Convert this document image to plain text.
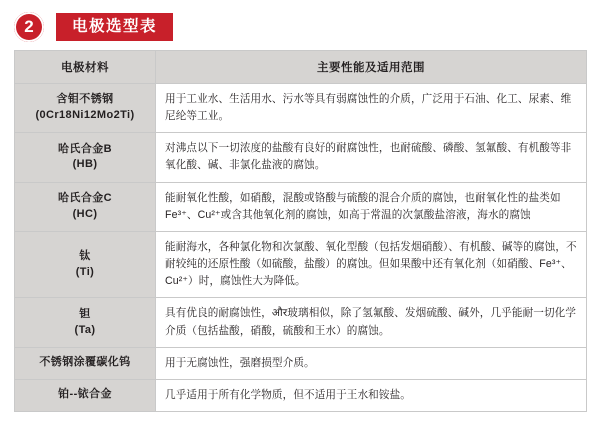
2	电极选型表
电极材料	主要性能及适用范围

含钼不锈钢
(0Cr18Ni12Mo2Ti)	用于工业水、生活用水、污水等具有弱腐蚀性的介质，广泛用于石油、化工、尿素、维尼纶等工业。

哈氏合金B
(HB)	对沸点以下一切浓度的盐酸有良好的耐腐蚀性，也耐硫酸、磷酸、氢氟酸、有机酸等非氧化酸、碱、非氯化盐液的腐蚀。

哈氏合金C
(HC)	能耐氧化性酸，如硝酸，混酸或铬酸与硫酸的混合介质的腐蚀，也耐氧化性的盐类如Fe³⁺、Cu²⁺或含其他氧化剂的腐蚀，如高于常温的次氯酸盐溶液，海水的腐蚀

钛
(Ti)	能耐海水，各种氯化物和次氯酸、氧化型酸（包括发烟硝酸）、有机酸、碱等的腐蚀，不耐较纯的还原性酸（如硫酸，盐酸）的腐蚀。但如果酸中还有氧化剂（如硝酸、Fe³⁺、Cu²⁺）时，腐蚀性大为降低。

钽
(Ta)	具有优良的耐腐蚀性，और玻璃相似，除了氢氟酸、发烟硫酸、碱外，几乎能耐一切化学介质（包括盐酸，硝酸，硫酸和王水）的腐蚀。
不锈钢涂覆碳化钨	用于无腐蚀性，强磨损型介质。
铂--铱合金	几乎适用于所有化学物质，但不适用于王水和铵盐。
